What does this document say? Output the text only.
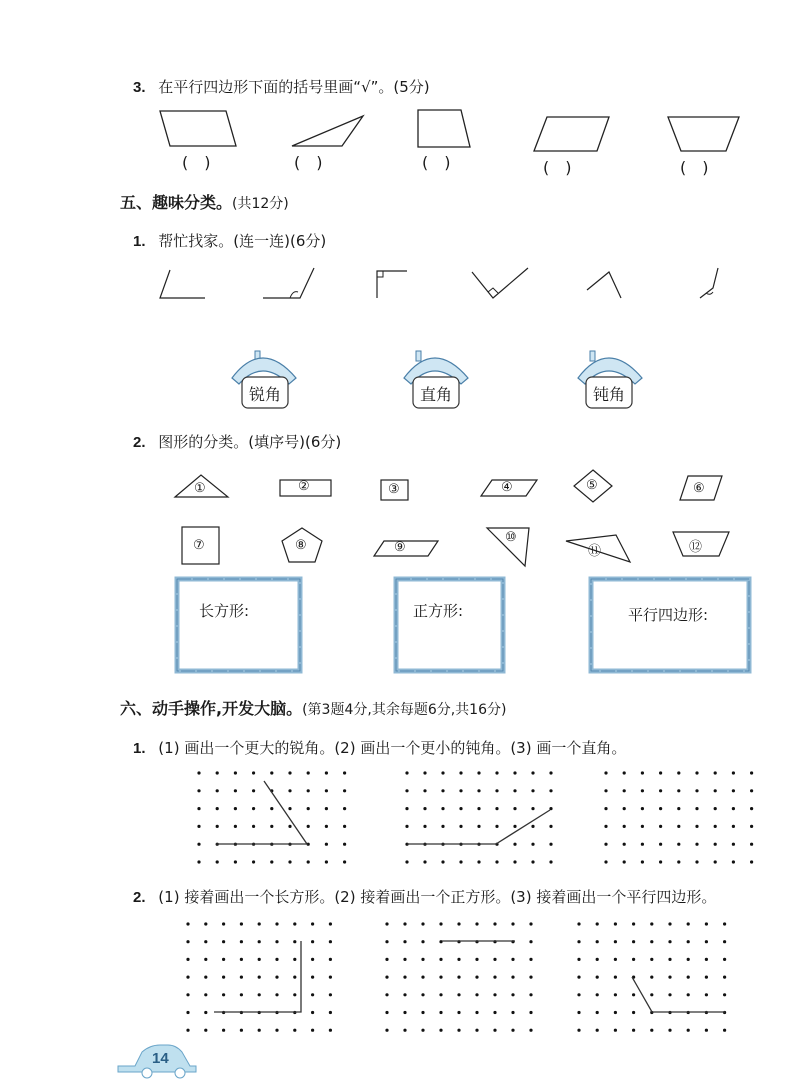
3. 在平行四边形下面的括号里画“√”。(5分)
(　)	(　)	(　)	(　)	(　)
五、趣味分类。(共12分)
1. 帮忙找家。(连一连)(6分)
锐角	直角	钝角
2. 图形的分类。(填序号)(6分)
①	②	③	④	⑤	⑥
⑦	⑧	⑨
⑩
⑪	⑫
长方形:	正方形:	平行四边形:
六、动手操作,开发大脑。(第3题4分,其余每题6分,共16分)
1. (1) 画出一个更大的锐角。(2) 画出一个更小的钝角。(3) 画一个直角。
2. (1) 接着画出一个长方形。(2) 接着画出一个正方形。(3) 接着画出一个平行四边形。
14
